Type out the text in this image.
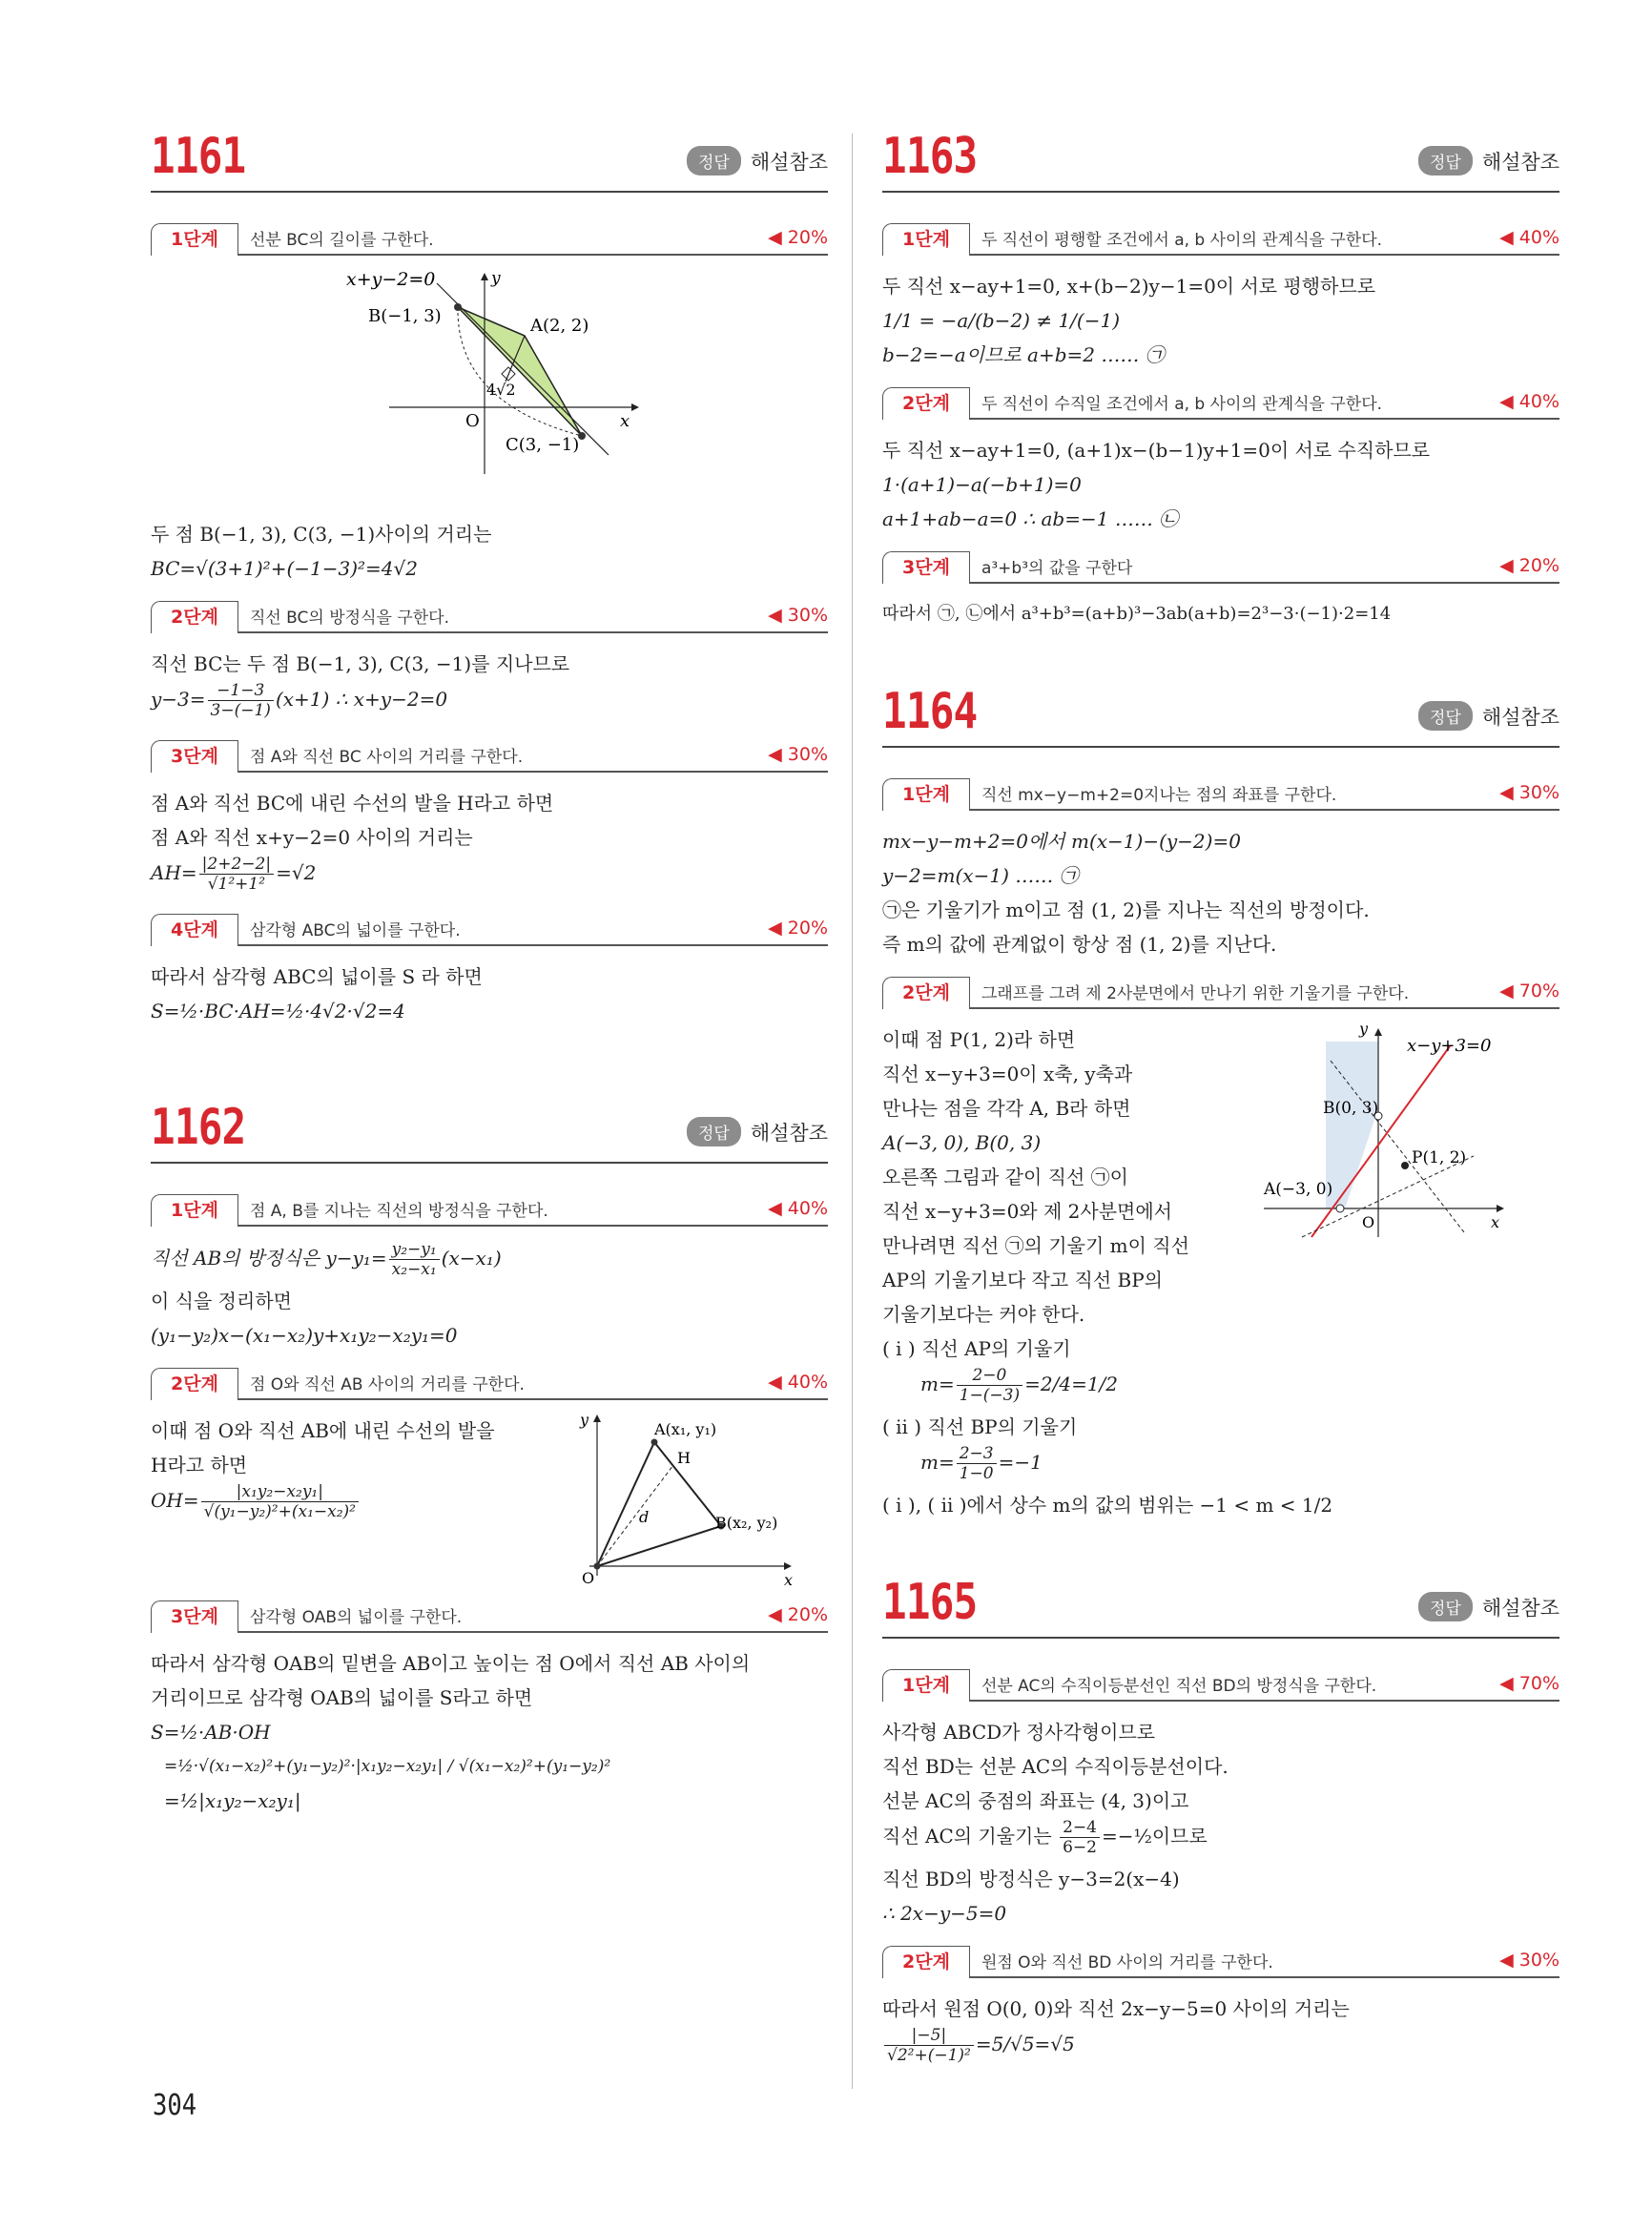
1161	정답	해설참조
1단계	선분 BC의 길이를 구한다.	◀ 20%
x+y−2=0	y
x
O
B(−1, 3)	A(2, 2)
C(3, −1)
4√2
두 점 B(−1, 3), C(3, −1)사이의 거리는
BC=√(3+1)²+(−1−3)²=4√2
2단계	직선 BC의 방정식을 구한다.	◀ 30%
직선 BC는 두 점 B(−1, 3), C(3, −1)를 지나므로
$y-3= \frac{-1-3}{3-(-1)} (x+1)$ ∴ x+y−2=0
3단계	점 A와 직선 BC 사이의 거리를 구한다.	◀ 30%
점 A와 직선 BC에 내린 수선의 발을 H라고 하면
점 A와 직선 x+y−2=0 사이의 거리는
$AH= \frac{|2+2-2|}{\text{√1²+1²}} =√2$
4단계	삼각형 ABC의 넓이를 구한다.	◀ 20%
따라서 삼각형 ABC의 넓이를 S 라 하면
S=½·BC·AH=½·4√2·√2=4
1162	정답	해설참조
1단계	점 A, B를 지나는 직선의 방정식을 구한다.	◀ 40%
직선 AB의 방정식은 $y-y_1= \frac{\text{y₂−y₁}}{\text{x₂−x₁}} (x-x_1)$
이 식을 정리하면
(y₁−y₂)x−(x₁−x₂)y+x₁y₂−x₂y₁=0
2단계	점 O와 직선 AB 사이의 거리를 구한다.	◀ 40%
이때 점 O와 직선 AB에 내린 수선의 발을
H라고 하면
$OH= \frac{\text{|x₁y₂−x₂y₁|}}{\text{√(y₁−y₂)²+(x₁−x₂)²}}$
y
x
O
A(x₁, y₁)
H
B(x₂, y₂)
d
3단계	삼각형 OAB의 넓이를 구한다.	◀ 20%
따라서 삼각형 OAB의 밑변을 AB이고 높이는 점 O에서 직선 AB 사이의
거리이므로 삼각형 OAB의 넓이를 S라고 하면
S=½·AB·OH
=½·√(x₁−x₂)²+(y₁−y₂)²·|x₁y₂−x₂y₁| / √(x₁−x₂)²+(y₁−y₂)²
=½|x₁y₂−x₂y₁|
1163	정답	해설참조
1단계	두 직선이 평행할 조건에서 a, b 사이의 관계식을 구한다.	◀ 40%
두 직선 x−ay+1=0, x+(b−2)y−1=0이 서로 평행하므로
1/1 = −a/(b−2) ≠ 1/(−1)
b−2=−a이므로 a+b=2 …… ㉠
2단계	두 직선이 수직일 조건에서 a, b 사이의 관계식을 구한다.	◀ 40%
두 직선 x−ay+1=0, (a+1)x−(b−1)y+1=0이 서로 수직하므로
1·(a+1)−a(−b+1)=0
a+1+ab−a=0 ∴ ab=−1 …… ㉡
3단계	a³+b³의 값을 구한다	◀ 20%
따라서 ㉠, ㉡에서 a³+b³=(a+b)³−3ab(a+b)=2³−3·(−1)·2=14
1164	정답	해설참조
1단계	직선 mx−y−m+2=0지나는 점의 좌표를 구한다.	◀ 30%
mx−y−m+2=0에서 m(x−1)−(y−2)=0
y−2=m(x−1) …… ㉠
㉠은 기울기가 m이고 점 (1, 2)를 지나는 직선의 방정이다.
즉 m의 값에 관계없이 항상 점 (1, 2)를 지난다.
2단계	그래프를 그려 제 2사분면에서 만나기 위한 기울기를 구한다.	◀ 70%
이때 점 P(1, 2)라 하면
직선 x−y+3=0이 x축, y축과
만나는 점을 각각 A, B라 하면
A(−3, 0), B(0, 3)
오른쪽 그림과 같이 직선 ㉠이
직선 x−y+3=0와 제 2사분면에서
만나려면 직선 ㉠의 기울기 m이 직선
AP의 기울기보다 작고 직선 BP의
기울기보다는 커야 한다.
( i ) 직선 AP의 기울기
$m= \frac{2-0}{1-(-3)} =2/4=1/2$
( ii ) 직선 BP의 기울기
$m= \frac{2-3}{1-0} =-1$
( i ), ( ii )에서 상수 m의 값의 범위는 −1 < m < 1/2
y
x
O
x−y+3=0
B(0, 3)
P(1, 2)
A(−3, 0)
1165	정답	해설참조
1단계	선분 AC의 수직이등분선인 직선 BD의 방정식을 구한다.	◀ 70%
사각형 ABCD가 정사각형이므로
직선 BD는 선분 AC의 수직이등분선이다.
선분 AC의 중점의 좌표는 (4, 3)이고
직선 AC의 기울기는 $\frac{2-4}{6-2}$ =−½이므로
직선 BD의 방정식은 y−3=2(x−4)
∴ 2x−y−5=0
2단계	원점 O와 직선 BD 사이의 거리를 구한다.	◀ 30%
따라서 원점 O(0, 0)와 직선 2x−y−5=0 사이의 거리는
$\frac{|-5|}{\text{√2²+(−1)²}} =5/√5=√5$
304
